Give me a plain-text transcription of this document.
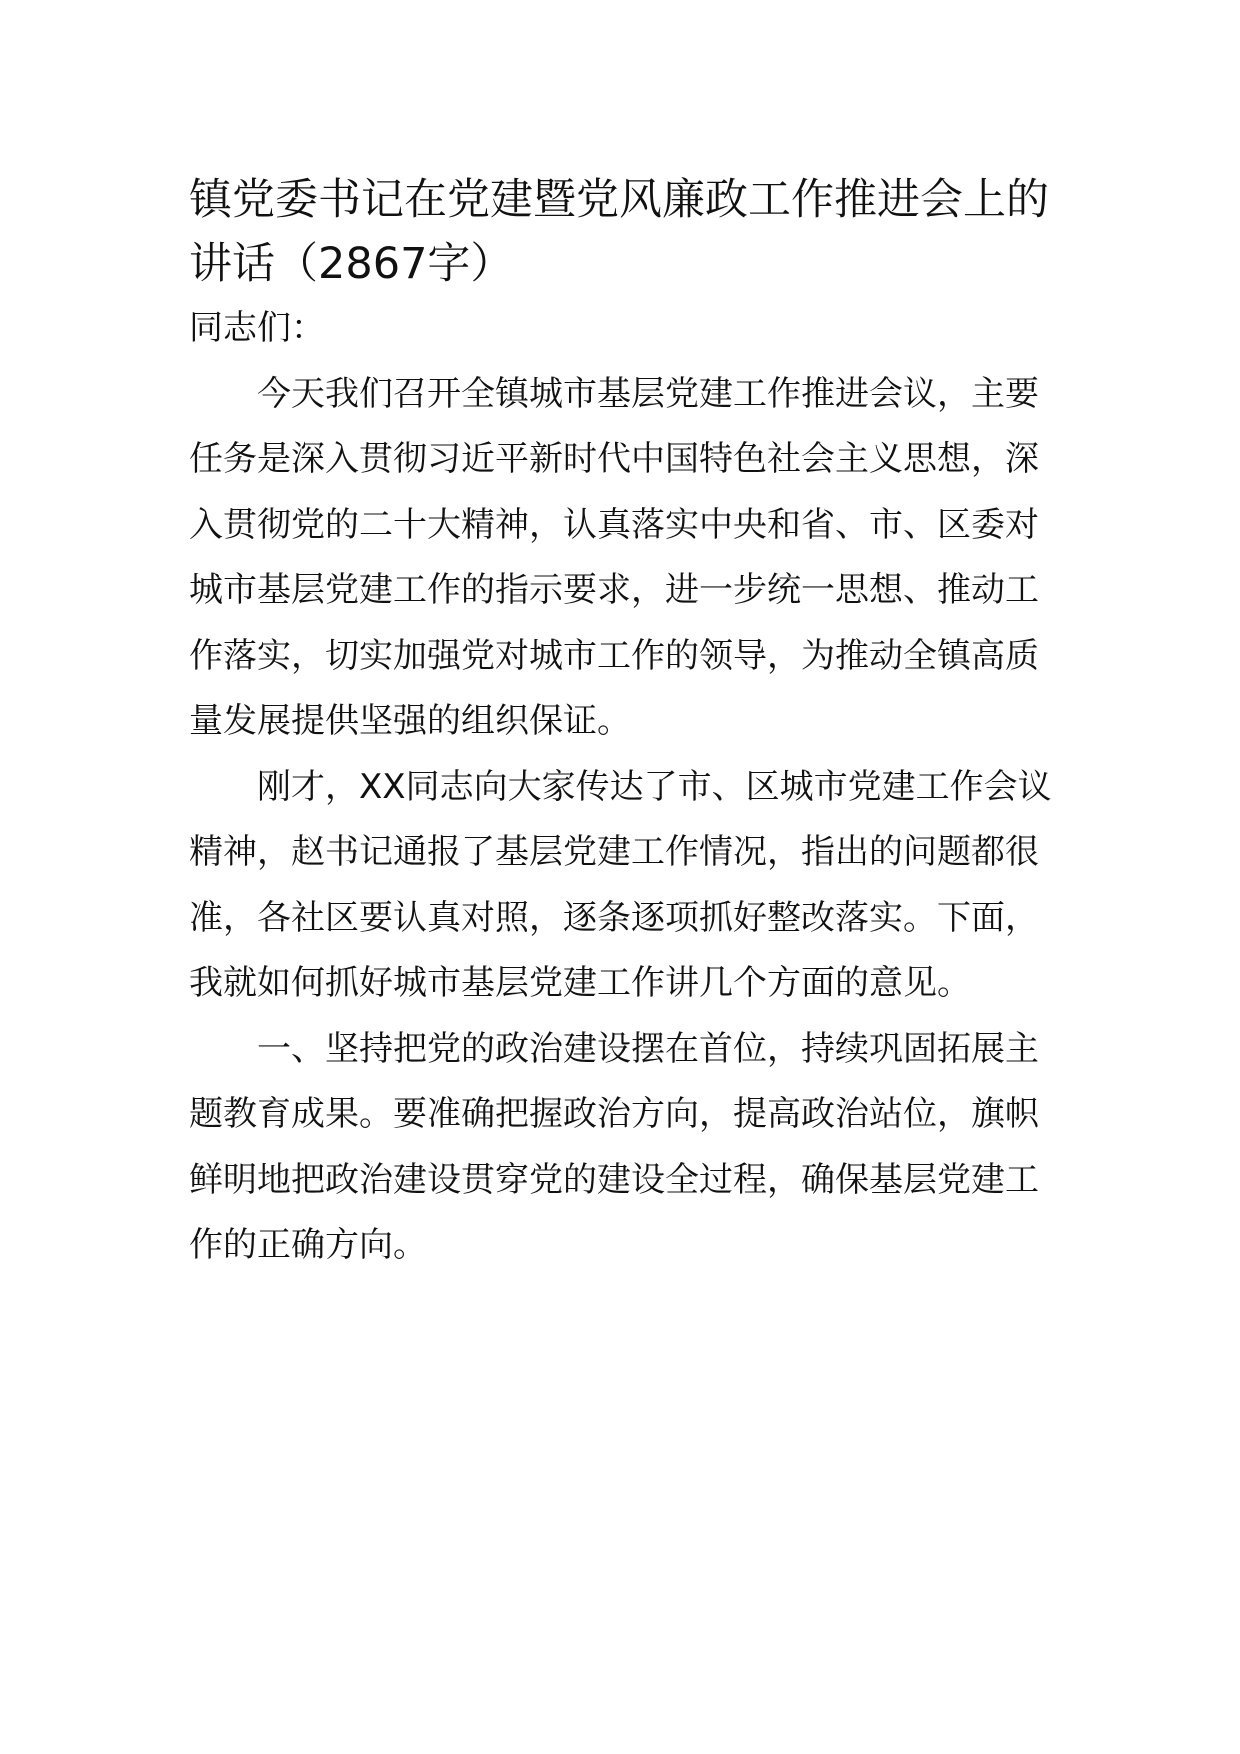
镇党委书记在党建暨党风廉政工作推进会上的
讲话（2867字）
同志们：
今天我们召开全镇城市基层党建工作推进会议，主要
任务是深入贯彻习近平新时代中国特色社会主义思想，深
入贯彻党的二十大精神，认真落实中央和省、市、区委对
城市基层党建工作的指示要求，进一步统一思想、推动工
作落实，切实加强党对城市工作的领导，为推动全镇高质
量发展提供坚强的组织保证。
刚才，XX同志向大家传达了市、区城市党建工作会议
精神，赵书记通报了基层党建工作情况，指出的问题都很
准，各社区要认真对照，逐条逐项抓好整改落实。下面，
我就如何抓好城市基层党建工作讲几个方面的意见。
一、坚持把党的政治建设摆在首位，持续巩固拓展主
题教育成果。要准确把握政治方向，提高政治站位，旗帜
鲜明地把政治建设贯穿党的建设全过程，确保基层党建工
作的正确方向。
